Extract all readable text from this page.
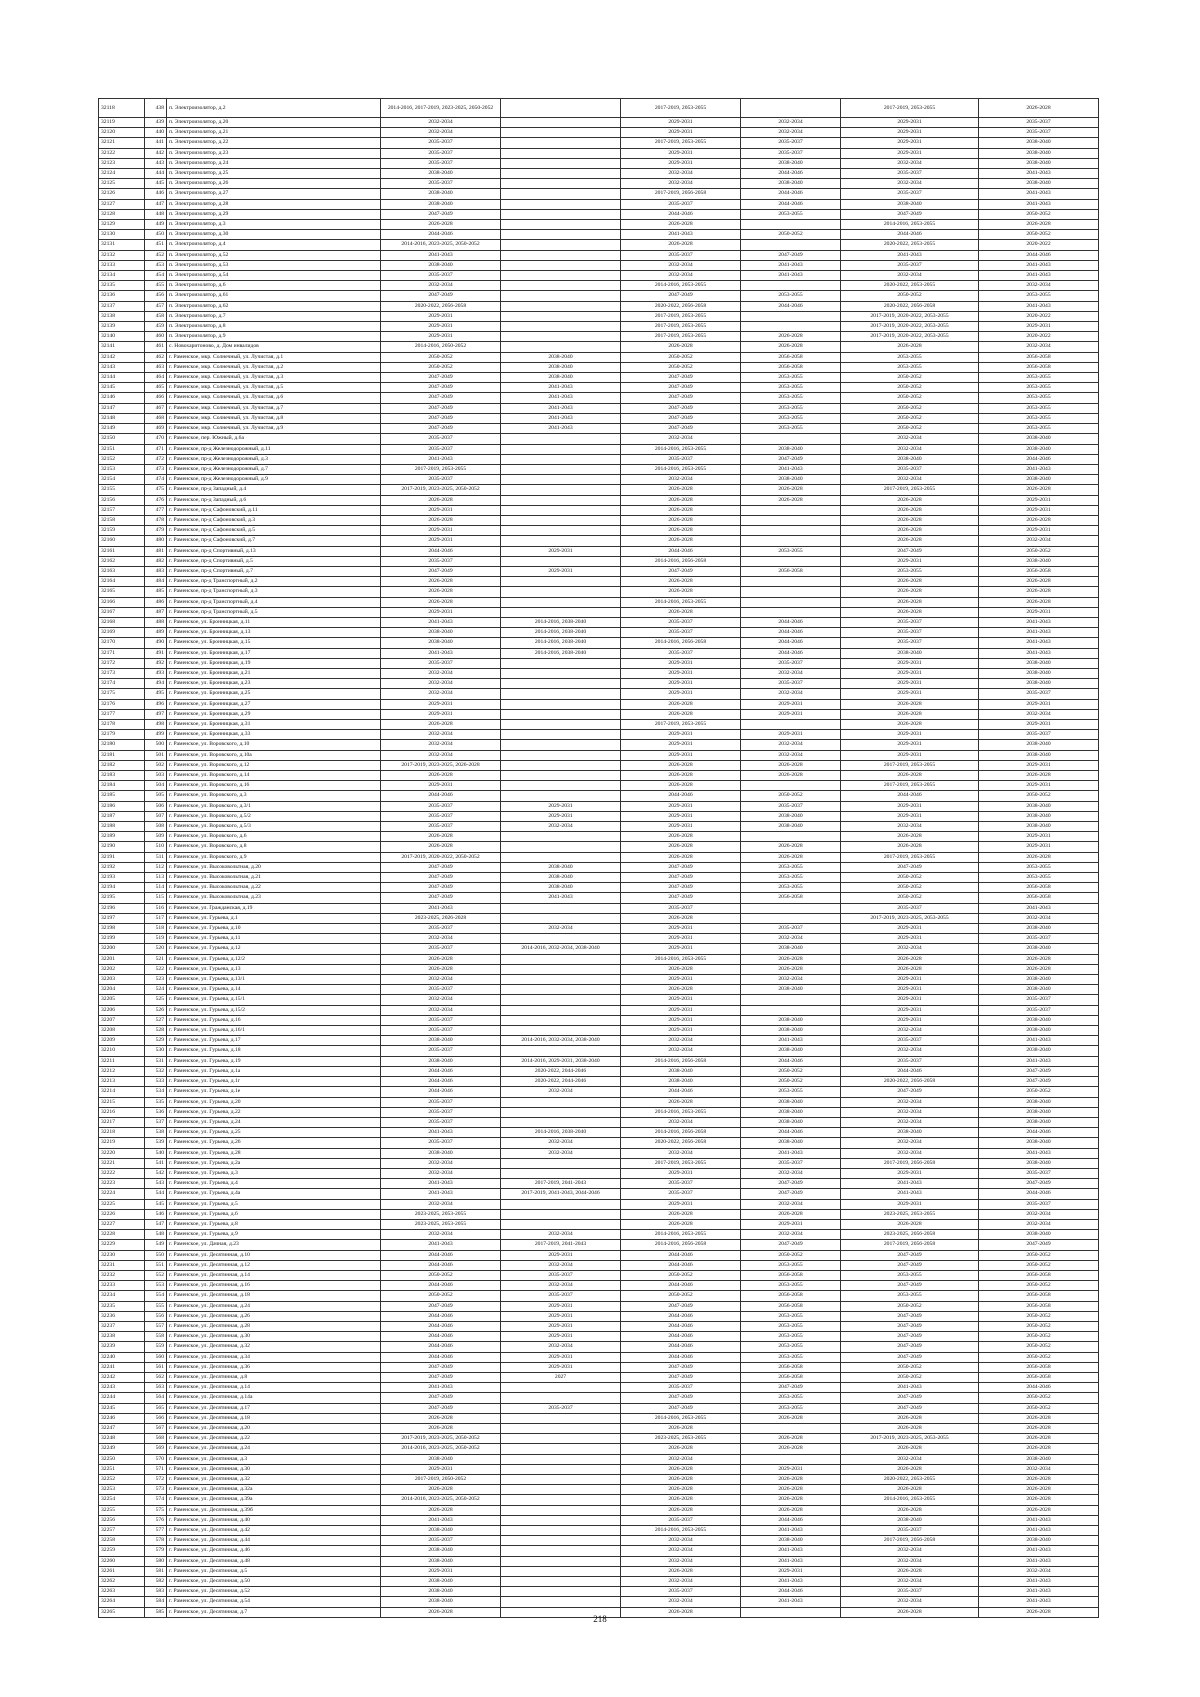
32118	438	п. Электроизолятор, д.2	2014-2016, 2017-2019, 2023-2025, 2050-2052		2017-2019, 2053-2055		2017-2019, 2053-2055	2026-2028
32119	439	п. Электроизолятор, д.20	2032-2034		2029-2031	2032-2034	2029-2031	2035-2037
32120	440	п. Электроизолятор, д.21	2032-2034		2029-2031	2032-2034	2029-2031	2035-2037
32121	441	п. Электроизолятор, д.22	2035-2037		2017-2019, 2053-2055	2035-2037	2029-2031	2038-2040
32122	442	п. Электроизолятор, д.23	2035-2037		2029-2031	2035-2037	2029-2031	2038-2040
32123	443	п. Электроизолятор, д.24	2035-2037		2029-2031	2038-2040	2032-2034	2038-2040
32124	444	п. Электроизолятор, д.25	2038-2040		2032-2034	2044-2046	2035-2037	2041-2043
32125	445	п. Электроизолятор, д.26	2035-2037		2032-2034	2038-2040	2032-2034	2038-2040
32126	446	п. Электроизолятор, д.27	2038-2040		2017-2019, 2056-2058	2044-2046	2035-2037	2041-2043
32127	447	п. Электроизолятор, д.28	2038-2040		2035-2037	2044-2046	2038-2040	2041-2043
32128	448	п. Электроизолятор, д.29	2047-2049		2044-2046	2053-2055	2047-2049	2050-2052
32129	449	п. Электроизолятор, д.3	2026-2028		2026-2028		2014-2016, 2053-2055	2026-2028
32130	450	п. Электроизолятор, д.30	2044-2046		2041-2043	2050-2052	2044-2046	2050-2052
32131	451	п. Электроизолятор, д.4	2014-2016, 2023-2025, 2050-2052		2026-2028		2020-2022, 2053-2055	2020-2022
32132	452	п. Электроизолятор, д.52	2041-2043		2035-2037	2047-2049	2041-2043	2044-2046
32133	453	п. Электроизолятор, д.53	2038-2040		2032-2034	2041-2043	2035-2037	2041-2043
32134	454	п. Электроизолятор, д.54	2035-2037		2032-2034	2041-2043	2032-2034	2041-2043
32135	455	п. Электроизолятор, д.6	2032-2034		2014-2016, 2053-2055		2020-2022, 2053-2055	2032-2034
32136	456	п. Электроизолятор, д.61	2047-2049		2047-2049	2053-2055	2050-2052	2053-2055
32137	457	п. Электроизолятор, д.62	2020-2022, 2056-2058		2020-2022, 2056-2058	2044-2046	2020-2022, 2056-2058	2041-2043
32138	458	п. Электроизолятор, д.7	2029-2031		2017-2019, 2053-2055		2017-2019, 2020-2022, 2053-2055	2020-2022
32139	459	п. Электроизолятор, д.8	2029-2031		2017-2019, 2053-2055		2017-2019, 2020-2022, 2053-2055	2029-2031
32140	460	п. Электроизолятор, д.9	2029-2031		2017-2019, 2053-2055	2026-2028	2017-2019, 2020-2022, 2053-2055	2020-2022
32141	461	с. Новохаритоново, д. Дом инвалидов	2014-2016, 2050-2052		2026-2028	2026-2028	2026-2028	2032-2034
32142	462	г. Раменское, мкр. Солнечный, ул. Лучистая, д.1	2050-2052	2038-2040	2050-2052	2056-2058	2053-2055	2056-2058
32143	463	г. Раменское, мкр. Солнечный, ул. Лучистая, д.2	2050-2052	2038-2040	2050-2052	2056-2058	2053-2055	2056-2058
32144	464	г. Раменское, мкр. Солнечный, ул. Лучистая, д.3	2047-2049	2038-2040	2047-2049	2053-2055	2050-2052	2053-2055
32145	465	г. Раменское, мкр. Солнечный, ул. Лучистая, д.5	2047-2049	2041-2043	2047-2049	2053-2055	2050-2052	2053-2055
32146	466	г. Раменское, мкр. Солнечный, ул. Лучистая, д.6	2047-2049	2041-2043	2047-2049	2053-2055	2050-2052	2053-2055
32147	467	г. Раменское, мкр. Солнечный, ул. Лучистая, д.7	2047-2049	2041-2043	2047-2049	2053-2055	2050-2052	2053-2055
32148	468	г. Раменское, мкр. Солнечный, ул. Лучистая, д.8	2047-2049	2041-2043	2047-2049	2053-2055	2050-2052	2053-2055
32149	469	г. Раменское, мкр. Солнечный, ул. Лучистая, д.9	2047-2049	2041-2043	2047-2049	2053-2055	2050-2052	2053-2055
32150	470	г. Раменское, пер. Южный, д.6а	2035-2037		2032-2034		2032-2034	2038-2040
32151	471	г. Раменское, пр-д Железнодорожный, д.11	2035-2037		2014-2016, 2053-2055	2038-2040	2032-2034	2038-2040
32152	472	г. Раменское, пр-д Железнодорожный, д.3	2041-2043		2035-2037	2047-2049	2038-2040	2044-2046
32153	473	г. Раменское, пр-д Железнодорожный, д.7	2017-2019, 2053-2055		2014-2016, 2053-2055	2041-2043	2035-2037	2041-2043
32154	474	г. Раменское, пр-д Железнодорожный, д.9	2035-2037		2032-2034	2038-2040	2032-2034	2038-2040
32155	475	г. Раменское, пр-д Западный, д.4	2017-2019, 2023-2025, 2050-2052		2026-2028	2026-2028	2017-2019, 2053-2055	2026-2028
32156	476	г. Раменское, пр-д Западный, д.6	2026-2028		2026-2028	2026-2028	2026-2028	2029-2031
32157	477	г. Раменское, пр-д Сафоновский, д.11	2029-2031		2026-2028		2026-2028	2029-2031
32158	478	г. Раменское, пр-д Сафоновский, д.3	2026-2028		2026-2028		2026-2028	2026-2028
32159	479	г. Раменское, пр-д Сафоновский, д.5	2029-2031		2026-2028		2026-2028	2029-2031
32160	480	г. Раменское, пр-д Сафоновский, д.7	2029-2031		2026-2028		2026-2028	2032-2034
32161	481	г. Раменское, пр-д Спортивный, д.13	2044-2046	2029-2031	2044-2046	2053-2055	2047-2049	2050-2052
32162	482	г. Раменское, пр-д Спортивный, д.5	2035-2037		2014-2016, 2056-2058		2029-2031	2038-2040
32163	483	г. Раменское, пр-д Спортивный, д.7	2047-2049	2029-2031	2047-2049	2056-2058	2053-2055	2056-2058
32164	484	г. Раменское, пр-д Транспортный, д.2	2026-2028		2026-2028		2026-2028	2026-2028
32165	485	г. Раменское, пр-д Транспортный, д.3	2026-2028		2026-2028		2026-2028	2026-2028
32166	486	г. Раменское, пр-д Транспортный, д.4	2026-2028		2014-2016, 2053-2055		2026-2028	2026-2028
32167	487	г. Раменское, пр-д Транспортный, д.5	2029-2031		2026-2028		2026-2028	2029-2031
32168	488	г. Раменское, ул. Бронницкая, д.11	2041-2043	2014-2016, 2038-2040	2035-2037	2044-2046	2035-2037	2041-2043
32169	489	г. Раменское, ул. Бронницкая, д.13	2038-2040	2014-2016, 2038-2040	2035-2037	2044-2046	2035-2037	2041-2043
32170	490	г. Раменское, ул. Бронницкая, д.15	2038-2040	2014-2016, 2038-2040	2014-2016, 2056-2058	2044-2046	2035-2037	2041-2043
32171	491	г. Раменское, ул. Бронницкая, д.17	2041-2043	2014-2016, 2038-2040	2035-2037	2044-2046	2038-2040	2041-2043
32172	492	г. Раменское, ул. Бронницкая, д.19	2035-2037		2029-2031	2035-2037	2029-2031	2038-2040
32173	493	г. Раменское, ул. Бронницкая, д.21	2032-2034		2029-2031	2032-2034	2029-2031	2038-2040
32174	494	г. Раменское, ул. Бронницкая, д.23	2032-2034		2029-2031	2035-2037	2029-2031	2038-2040
32175	495	г. Раменское, ул. Бронницкая, д.25	2032-2034		2029-2031	2032-2034	2029-2031	2035-2037
32176	496	г. Раменское, ул. Бронницкая, д.27	2029-2031		2026-2028	2029-2031	2026-2028	2029-2031
32177	497	г. Раменское, ул. Бронницкая, д.29	2029-2031		2026-2028	2029-2031	2026-2028	2032-2034
32178	498	г. Раменское, ул. Бронницкая, д.31	2026-2028		2017-2019, 2053-2055		2026-2028	2029-2031
32179	499	г. Раменское, ул. Бронницкая, д.33	2032-2034		2029-2031	2029-2031	2029-2031	2035-2037
32180	500	г. Раменское, ул. Воровского, д.10	2032-2034		2029-2031	2032-2034	2029-2031	2038-2040
32181	501	г. Раменское, ул. Воровского, д.10а	2032-2034		2029-2031	2032-2034	2029-2031	2038-2040
32182	502	г. Раменское, ул. Воровского, д.12	2017-2019, 2023-2025, 2026-2028		2026-2028	2026-2028	2017-2019, 2053-2055	2029-2031
32183	503	г. Раменское, ул. Воровского, д.14	2026-2028		2026-2028	2026-2028	2026-2028	2026-2028
32184	504	г. Раменское, ул. Воровского, д.16	2029-2031		2026-2028		2017-2019, 2053-2055	2029-2031
32185	505	г. Раменское, ул. Воровского, д.3	2044-2046		2044-2046	2050-2052	2044-2046	2050-2052
32186	506	г. Раменское, ул. Воровского, д.3/1	2035-2037	2029-2031	2029-2031	2035-2037	2029-2031	2038-2040
32187	507	г. Раменское, ул. Воровского, д.5/2	2035-2037	2029-2031	2029-2031	2038-2040	2029-2031	2038-2040
32188	508	г. Раменское, ул. Воровского, д.5/3	2035-2037	2032-2034	2029-2031	2038-2040	2032-2034	2038-2040
32189	509	г. Раменское, ул. Воровского, д.6	2026-2028		2026-2028		2026-2028	2029-2031
32190	510	г. Раменское, ул. Воровского, д.8	2026-2028		2026-2028	2026-2028	2026-2028	2029-2031
32191	511	г. Раменское, ул. Воровского, д.9	2017-2019, 2020-2022, 2050-2052		2026-2028	2026-2028	2017-2019, 2053-2055	2026-2028
32192	512	г. Раменское, ул. Высоковольтная, д.20	2047-2049	2038-2040	2047-2049	2053-2055	2047-2049	2053-2055
32193	513	г. Раменское, ул. Высоковольтная, д.21	2047-2049	2038-2040	2047-2049	2053-2055	2050-2052	2053-2055
32194	514	г. Раменское, ул. Высоковольтная, д.22	2047-2049	2038-2040	2047-2049	2053-2055	2050-2052	2056-2058
32195	515	г. Раменское, ул. Высоковольтная, д.23	2047-2049	2041-2043	2047-2049	2056-2058	2050-2052	2056-2058
32196	516	г. Раменское, ул. Гражданская, д.19	2041-2043		2035-2037		2035-2037	2041-2043
32197	517	г. Раменское, ул. Гурьева, д.1	2023-2025, 2026-2028		2026-2028		2017-2019, 2023-2025, 2053-2055	2032-2034
32198	518	г. Раменское, ул. Гурьева, д.10	2035-2037	2032-2034	2029-2031	2035-2037	2029-2031	2038-2040
32199	519	г. Раменское, ул. Гурьева, д.11	2032-2034		2029-2031	2032-2034	2029-2031	2035-2037
32200	520	г. Раменское, ул. Гурьева, д.12	2035-2037	2014-2016, 2032-2034, 2038-2040	2029-2031	2038-2040	2032-2034	2038-2040
32201	521	г. Раменское, ул. Гурьева, д.12/2	2026-2028		2014-2016, 2053-2055	2026-2028	2026-2028	2026-2028
32202	522	г. Раменское, ул. Гурьева, д.13	2026-2028		2026-2028	2026-2028	2026-2028	2026-2028
32203	523	г. Раменское, ул. Гурьева, д.13/1	2032-2034		2029-2031	2032-2034	2029-2031	2038-2040
32204	524	г. Раменское, ул. Гурьева, д.14	2035-2037		2026-2028	2038-2040	2029-2031	2038-2040
32205	525	г. Раменское, ул. Гурьева, д.15/1	2032-2034		2029-2031		2029-2031	2035-2037
32206	526	г. Раменское, ул. Гурьева, д.15/2	2032-2034		2029-2031		2029-2031	2035-2037
32207	527	г. Раменское, ул. Гурьева, д.16	2035-2037		2029-2031	2038-2040	2029-2031	2038-2040
32208	528	г. Раменское, ул. Гурьева, д.16/1	2035-2037		2029-2031	2038-2040	2032-2034	2038-2040
32209	529	г. Раменское, ул. Гурьева, д.17	2038-2040	2014-2016, 2032-2034, 2038-2040	2032-2034	2041-2043	2035-2037	2041-2043
32210	530	г. Раменское, ул. Гурьева, д.18	2035-2037		2032-2034	2038-2040	2032-2034	2038-2040
32211	531	г. Раменское, ул. Гурьева, д.19	2038-2040	2014-2016, 2029-2031, 2038-2040	2014-2016, 2056-2058	2044-2046	2035-2037	2041-2043
32212	532	г. Раменское, ул. Гурьева, д.1а	2044-2046	2020-2022, 2044-2046	2038-2040	2050-2052	2044-2046	2047-2049
32213	533	г. Раменское, ул. Гурьева, д.1г	2044-2046	2020-2022, 2044-2046	2038-2040	2050-2052	2020-2022, 2056-2058	2047-2049
32214	534	г. Раменское, ул. Гурьева, д.1е	2044-2046	2032-2034	2044-2046	2053-2055	2047-2049	2050-2052
32215	535	г. Раменское, ул. Гурьева, д.20	2035-2037		2026-2028	2038-2040	2032-2034	2038-2040
32216	536	г. Раменское, ул. Гурьева, д.22	2035-2037		2014-2016, 2053-2055	2038-2040	2032-2034	2038-2040
32217	537	г. Раменское, ул. Гурьева, д.24	2035-2037		2032-2034	2038-2040	2032-2034	2038-2040
32218	538	г. Раменское, ул. Гурьева, д.25	2041-2043	2014-2016, 2038-2040	2014-2016, 2056-2058	2044-2046	2038-2040	2044-2046
32219	539	г. Раменское, ул. Гурьева, д.26	2035-2037	2032-2034	2020-2022, 2056-2058	2038-2040	2032-2034	2038-2040
32220	540	г. Раменское, ул. Гурьева, д.28	2038-2040	2032-2034	2032-2034	2041-2043	2032-2034	2041-2043
32221	541	г. Раменское, ул. Гурьева, д.2а	2032-2034		2017-2019, 2053-2055	2035-2037	2017-2019, 2056-2058	2038-2040
32222	542	г. Раменское, ул. Гурьева, д.3	2032-2034		2029-2031	2032-2034	2029-2031	2035-2037
32223	543	г. Раменское, ул. Гурьева, д.4	2041-2043	2017-2019, 2041-2043	2035-2037	2047-2049	2041-2043	2047-2049
32224	544	г. Раменское, ул. Гурьева, д.4а	2041-2043	2017-2019, 2041-2043, 2044-2046	2035-2037	2047-2049	2041-2043	2044-2046
32225	545	г. Раменское, ул. Гурьева, д.5	2032-2034		2029-2031	2032-2034	2029-2031	2035-2037
32226	546	г. Раменское, ул. Гурьева, д.6	2023-2025, 2053-2055		2026-2028	2026-2028	2023-2025, 2053-2055	2032-2034
32227	547	г. Раменское, ул. Гурьева, д.8	2023-2025, 2053-2055		2026-2028	2029-2031	2026-2028	2032-2034
32228	548	г. Раменское, ул. Гурьева, д.9	2032-2034	2032-2034	2014-2016, 2053-2055	2032-2034	2023-2025, 2056-2058	2038-2040
32229	549	г. Раменское, ул. Дачная, д.23	2041-2043	2017-2019, 2041-2043	2014-2016, 2056-2058	2047-2049	2017-2019, 2056-2058	2047-2049
32230	550	г. Раменское, ул. Десятинная, д.10	2044-2046	2029-2031	2044-2046	2050-2052	2047-2049	2050-2052
32231	551	г. Раменское, ул. Десятинная, д.12	2044-2046	2032-2034	2044-2046	2053-2055	2047-2049	2050-2052
32232	552	г. Раменское, ул. Десятинная, д.14	2050-2052	2035-2037	2050-2052	2056-2058	2053-2055	2056-2058
32233	553	г. Раменское, ул. Десятинная, д.16	2044-2046	2032-2034	2044-2046	2053-2055	2047-2049	2050-2052
32234	554	г. Раменское, ул. Десятинная, д.18	2050-2052	2035-2037	2050-2052	2056-2058	2053-2055	2056-2058
32235	555	г. Раменское, ул. Десятинная, д.24	2047-2049	2029-2031	2047-2049	2056-2058	2050-2052	2056-2058
32236	556	г. Раменское, ул. Десятинная, д.26	2044-2046	2029-2031	2044-2046	2053-2055	2047-2049	2050-2052
32237	557	г. Раменское, ул. Десятинная, д.28	2044-2046	2029-2031	2044-2046	2053-2055	2047-2049	2050-2052
32238	558	г. Раменское, ул. Десятинная, д.30	2044-2046	2029-2031	2044-2046	2053-2055	2047-2049	2050-2052
32239	559	г. Раменское, ул. Десятинная, д.32	2044-2046	2032-2034	2044-2046	2053-2055	2047-2049	2050-2052
32240	560	г. Раменское, ул. Десятинная, д.34	2044-2046	2029-2031	2044-2046	2053-2055	2047-2049	2050-2052
32241	561	г. Раменское, ул. Десятинная, д.36	2047-2049	2029-2031	2047-2049	2056-2058	2050-2052	2056-2058
32242	562	г. Раменское, ул. Десятинная, д.8	2047-2049	2027	2047-2049	2056-2058	2050-2052	2056-2058
32243	563	г. Раменское, ул. Десятинная, д.14	2041-2043		2035-2037	2047-2049	2041-2043	2044-2046
32244	564	г. Раменское, ул. Десятинная, д.14а	2047-2049		2047-2049	2053-2055	2047-2049	2050-2052
32245	565	г. Раменское, ул. Десятинная, д.17	2047-2049	2035-2037	2047-2049	2053-2055	2047-2049	2050-2052
32246	566	г. Раменское, ул. Десятинная, д.18	2026-2028		2014-2016, 2053-2055	2026-2028	2026-2028	2026-2028
32247	567	г. Раменское, ул. Десятинная, д.20	2026-2028		2026-2028		2026-2028	2026-2028
32248	568	г. Раменское, ул. Десятинная, д.22	2017-2019, 2023-2025, 2050-2052		2023-2025, 2053-2055	2026-2028	2017-2019, 2023-2025, 2053-2055	2026-2028
32249	569	г. Раменское, ул. Десятинная, д.24	2014-2016, 2023-2025, 2050-2052		2026-2028	2026-2028	2026-2028	2026-2028
32250	570	г. Раменское, ул. Десятинная, д.3	2038-2040		2032-2034		2032-2034	2038-2040
32251	571	г. Раменское, ул. Десятинная, д.30	2029-2031		2026-2028	2029-2031	2026-2028	2032-2034
32252	572	г. Раменское, ул. Десятинная, д.32	2017-2019, 2050-2052		2026-2028	2026-2028	2020-2022, 2053-2055	2026-2028
32253	573	г. Раменское, ул. Десятинная, д.32а	2026-2028		2026-2028	2026-2028	2026-2028	2026-2028
32254	574	г. Раменское, ул. Десятинная, д.39а	2014-2016, 2023-2025, 2050-2052		2026-2028	2026-2028	2014-2016, 2053-2055	2026-2028
32255	575	г. Раменское, ул. Десятинная, д.39б	2026-2028		2026-2028	2026-2028	2026-2028	2026-2028
32256	576	г. Раменское, ул. Десятинная, д.40	2041-2043		2035-2037	2044-2046	2038-2040	2041-2043
32257	577	г. Раменское, ул. Десятинная, д.42	2038-2040		2014-2016, 2053-2055	2041-2043	2035-2037	2041-2043
32258	578	г. Раменское, ул. Десятинная, д.44	2035-2037		2032-2034	2038-2040	2017-2019, 2056-2058	2038-2040
32259	579	г. Раменское, ул. Десятинная, д.46	2038-2040		2032-2034	2041-2043	2032-2034	2041-2043
32260	580	г. Раменское, ул. Десятинная, д.48	2038-2040		2032-2034	2041-2043	2032-2034	2041-2043
32261	581	г. Раменское, ул. Десятинная, д.5	2029-2031		2026-2028	2029-2031	2026-2028	2032-2034
32262	582	г. Раменское, ул. Десятинная, д.50	2038-2040		2032-2034	2041-2043	2032-2034	2041-2043
32263	583	г. Раменское, ул. Десятинная, д.52	2038-2040		2035-2037	2044-2046	2035-2037	2041-2043
32264	584	г. Раменское, ул. Десятинная, д.54	2038-2040		2032-2034	2041-2043	2032-2034	2041-2043
32265	585	г. Раменское, ул. Десятинная, д.7	2026-2028		2026-2028		2026-2028	2026-2028
218
